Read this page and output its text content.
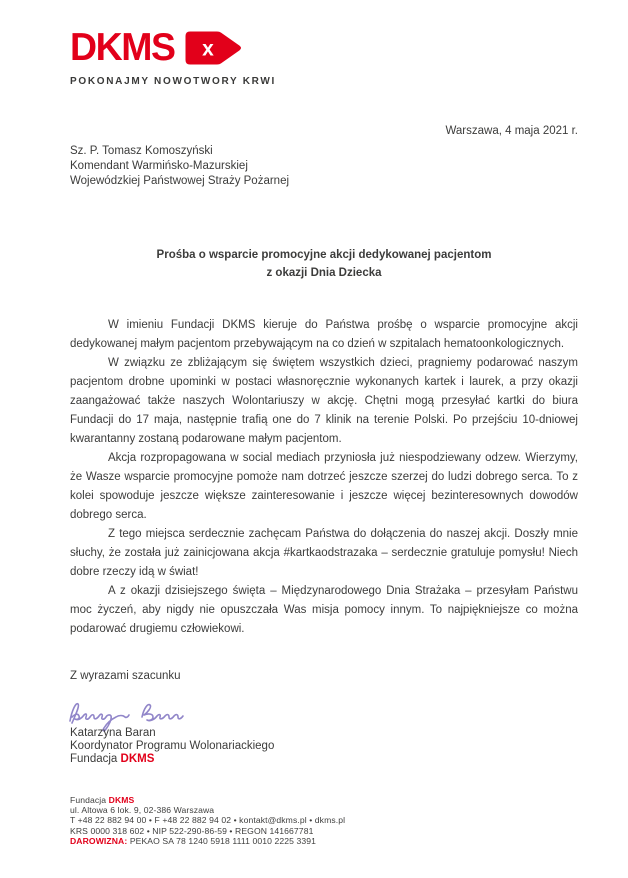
DKMS x
POKONAJMY NOWOTWORY KRWI
Warszawa, 4 maja 2021 r.
Sz. P. Tomasz Komoszyński
Komendant Warmińsko-Mazurskiej
Wojewódzkiej Państwowej Straży Pożarnej
Prośba o wsparcie promocyjne akcji dedykowanej pacjentom
z okazji Dnia Dziecka

W imieniu Fundacji DKMS kieruje do Państwa prośbę o wsparcie promocyjne akcji dedykowanej małym pacjentom przebywającym na co dzień w szpitalach hematoonkologicznych.

W związku ze zbliżającym się świętem wszystkich dzieci, pragniemy podarować naszym pacjentom drobne upominki w postaci własnoręcznie wykonanych kartek i laurek, a przy okazji zaangażować także naszych Wolontariuszy w akcję. Chętni mogą przesyłać kartki do biura Fundacji do 17 maja, następnie trafią one do 7 klinik na terenie Polski. Po przejściu 10-dniowej kwarantanny zostaną podarowane małym pacjentom.

Akcja rozpropagowana w social mediach przyniosła już niespodziewany odzew. Wierzymy, że Wasze wsparcie promocyjne pomoże nam dotrzeć jeszcze szerzej do ludzi dobrego serca. To z kolei spowoduje jeszcze większe zainteresowanie i jeszcze więcej bezinteresownych dowodów dobrego serca.

Z tego miejsca serdecznie zachęcam Państwa do dołączenia do naszej akcji. Doszły mnie słuchy, że została już zainicjowana akcja #kartkaodstrazaka – serdecznie gratuluje pomysłu! Niech dobre rzeczy idą w świat!

A z okazji dzisiejszego święta – Międzynarodowego Dnia Strażaka – przesyłam Państwu moc życzeń, aby nigdy nie opuszczała Was misja pomocy innym. To najpiękniejsze co można podarować drugiemu człowiekowi.

Z wyrazami szacunku
Katarzyna Baran
Koordynator Programu Wolonariackiego
Fundacja DKMS
Fundacja DKMS
ul. Altowa 6 lok. 9, 02-386 Warszawa
T +48 22 882 94 00 • F +48 22 882 94 02 • kontakt@dkms.pl • dkms.pl
KRS 0000 318 602 • NIP 522-290-86-59 • REGON 141667781
DAROWIZNA: PEKAO SA 78 1240 5918 1111 0010 2225 3391
